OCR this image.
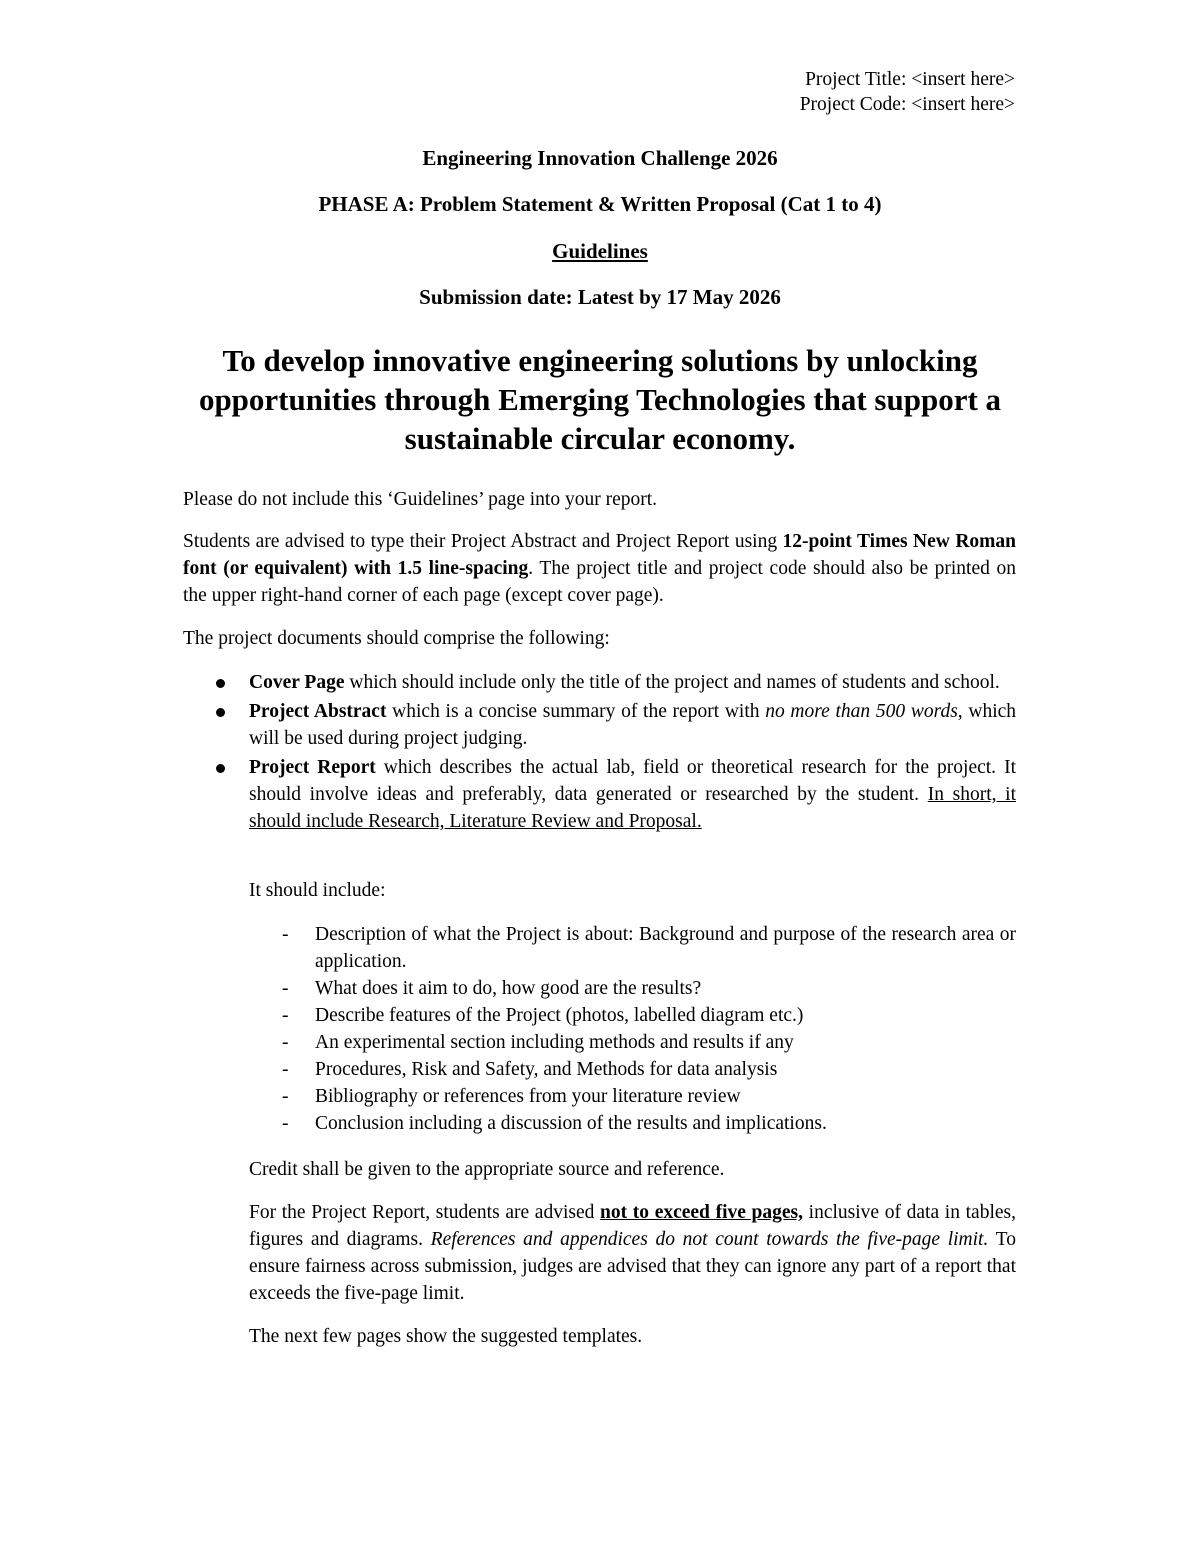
Project Title: <insert here>
Project Code: <insert here>
Engineering Innovation Challenge 2026
PHASE A: Problem Statement & Written Proposal (Cat 1 to 4)
Guidelines
Submission date: Latest by 17 May 2026
To develop innovative engineering solutions by unlocking opportunities through Emerging Technologies that support a sustainable circular economy.
Please do not include this ‘Guidelines’ page into your report.
Students are advised to type their Project Abstract and Project Report using 12-point Times New Roman font (or equivalent) with 1.5 line-spacing. The project title and project code should also be printed on the upper right-hand corner of each page (except cover page).
The project documents should comprise the following:
Cover Page which should include only the title of the project and names of students and school.
Project Abstract which is a concise summary of the report with no more than 500 words, which will be used during project judging.
Project Report which describes the actual lab, field or theoretical research for the project. It should involve ideas and preferably, data generated or researched by the student. In short, it should include Research, Literature Review and Proposal.
It should include:
- Description of what the Project is about: Background and purpose of the research area or application.
- What does it aim to do, how good are the results?
- Describe features of the Project (photos, labelled diagram etc.)
- An experimental section including methods and results if any
- Procedures, Risk and Safety, and Methods for data analysis
- Bibliography or references from your literature review
- Conclusion including a discussion of the results and implications.
Credit shall be given to the appropriate source and reference.
For the Project Report, students are advised not to exceed five pages, inclusive of data in tables, figures and diagrams. References and appendices do not count towards the five-page limit. To ensure fairness across submission, judges are advised that they can ignore any part of a report that exceeds the five-page limit.
The next few pages show the suggested templates.
